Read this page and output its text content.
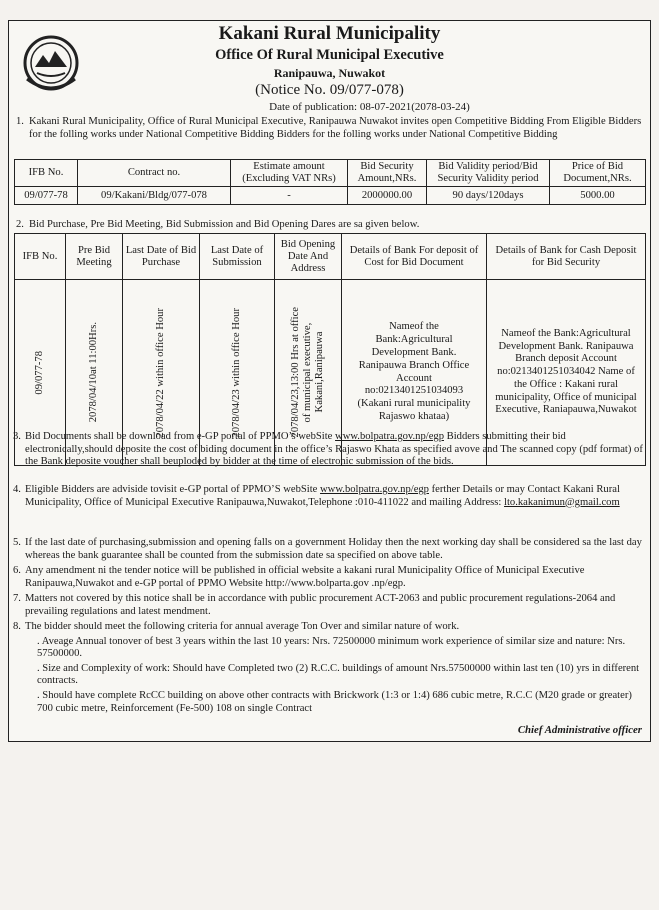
Kakani Rural Municipality
Office Of Rural Municipal Executive
Ranipauwa, Nuwakot
(Notice No. 09/077-078)
Date of publication: 08-07-2021(2078-03-24)
1. Kakani Rural Municipality, Office of Rural Municipal Executive, Ranipauwa Nuwakot invites open Competitive Bidding From Eligible Bidders for the folling works under National Competitive Bidding Bidders for the folling works under National Competitive Bidding
IFB No.	Contract no.	Estimate amount (Excluding VAT NRs)	Bid Security Amount,NRs.	Bid Validity period/Bid Security Validity period	Price of Bid Document,NRs.
09/077-78	09/Kakani/Bldg/077-078	-	2000000.00	90 days/120days	5000.00
2. Bid Purchase, Pre Bid Meeting, Bid Submission and Bid Opening Dares are sa given below.
IFB No.	Pre Bid Meeting	Last Date of Bid Purchase	Last Date of Submission	Bid Opening Date And Address	Details of Bank For deposit of Cost for Bid Document	Details of Bank for Cash Deposit for Bid Security

09/077-78	2078/04/10at 11:00Hrs.	2078/04/22 within office Hour	2078/04/23 within office Hour	2078/04/23,13:00 Hrs at office of municipal executive, Kakani,Ranipauwa	Nameof the Bank:Agricultural Development Bank. Ranipauwa Branch Office Account no:0213401251034093 (Kakani rural municipality Rajaswo khataa)	Nameof the Bank:Agricultural Development Bank. Ranipauwa Branch deposit Account no:0213401251034042 Name of the Office : Kakani rural municipality, Office of municipal Executive, Raniapauwa,Nuwakot
3. Bid Documents shall be download from e-GP portal of PPMO’s webSite www.bolpatra.gov.np/egp Bidders submitting their bid electronically,should deposite the cost of biding document in the office’s Rajaswo Khata as specified avove and The scanned copy (pdf format) of the Bank deposite voucher shall beuploded by bidder at the time of electronic submission of the bids.
4. Eligible Bidders are adviside tovisit e-GP portal of PPMO’S webSite www.bolpatra.gov.np/egp ferther Details or may Contact Kakani Rural Municipality, Office of Municipal Executive Ranipauwa,Nuwakot,Telephone :010-411022 and mailing Address: lto.kakanimun@gmail.com
5. If the last date of purchasing,submission and opening falls on a government Holiday then the next working day shall be considered sa the last day whereas the bank guarantee shall be counted from the submission date sa specified on above table.
6. Any amendment ni the tender notice will be published in official website a kakani rural Municipality Office of Municipal Executive Ranipauwa,Nuwakot and e-GP portal of PPMO Website http://www.bolparta.gov .np/egp.
7. Matters not covered by this notice shall be in accordance with public procurement ACT-2063 and public procurement regulations-2064 and prevailing regulations and latest mendment.
8. The bidder should meet the following criteria for annual average Ton Over and similar nature of work.
. Aveage Annual tonover of best 3 years within the last 10 years: Nrs. 72500000 minimum work experience of similar size and nature: Nrs. 57500000.
. Size and Complexity of work: Should have Completed two (2) R.C.C. buildings of amount Nrs.57500000 within last ten (10) yrs in different contracts.
. Should have complete RcCC building on above other contracts with Brickwork (1:3 or 1:4) 686 cubic metre, R.C.C (M20 grade or greater) 700 cubic metre, Reinforcement (Fe-500) 108 on single Contract
Chief Administrative officer
